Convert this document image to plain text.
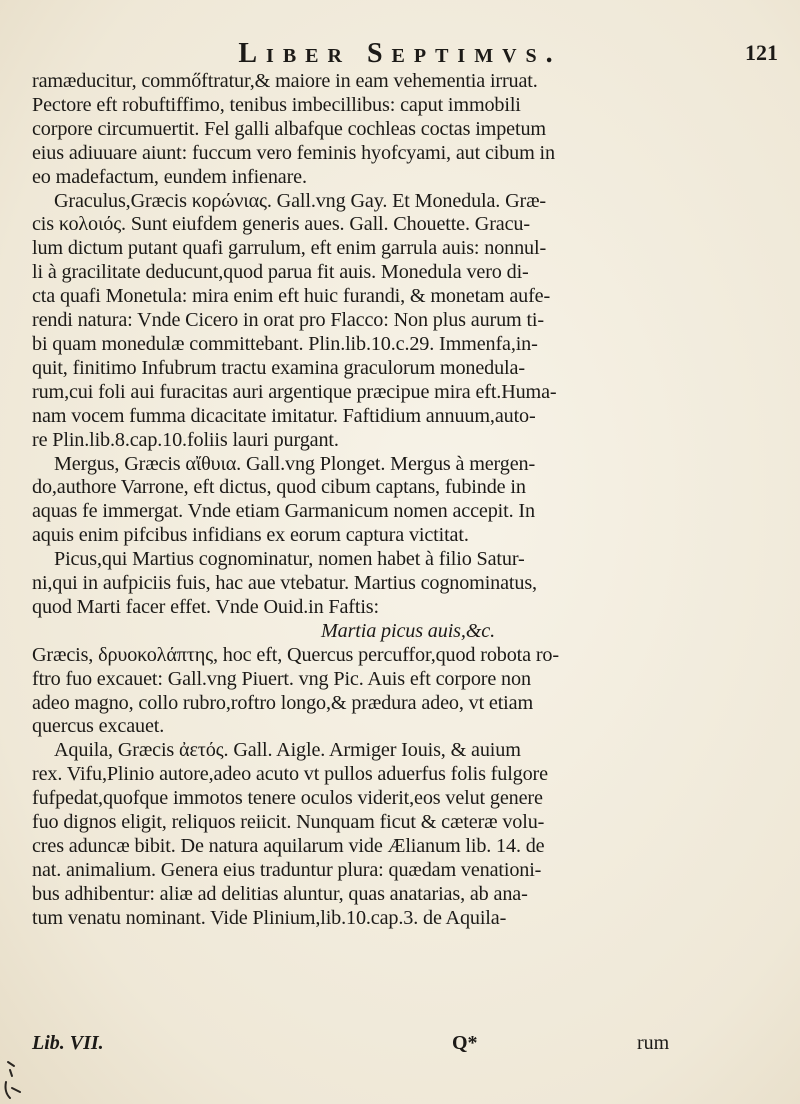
Liber Septimvs.	121
ramæducitur, commőftratur,& maiore in eam vehementia irruat.
Pectore eft robuftiffimo, tenibus imbecillibus: caput immobili
corpore circumuertit. Fel galli albafque cochleas coctas impetum
eius adiuuare aiunt: fuccum vero feminis hyofcyami, aut cibum in
eo madefactum, eundem infienare.
Graculus,Græcis κορώνιας. Gall.vng Gay. Et Monedula. Græ-
cis κολοιός. Sunt eiufdem generis aues. Gall. Chouette. Gracu-
lum dictum putant quafi garrulum, eft enim garrula auis: nonnul-
li à gracilitate deducunt,quod parua fit auis. Monedula vero di-
cta quafi Monetula: mira enim eft huic furandi, & monetam aufe-
rendi natura: Vnde Cicero in orat pro Flacco: Non plus aurum ti-
bi quam monedulæ committebant. Plin.lib.10.c.29. Immenfa,in-
quit, finitimo Infubrum tractu examina graculorum monedula-
rum,cui foli aui furacitas auri argentique præcipue mira eft.Huma-
nam vocem fumma dicacitate imitatur. Faftidium annuum,auto-
re Plin.lib.8.cap.10.foliis lauri purgant.
Mergus, Græcis αἴθυια. Gall.vng Plonget. Mergus à mergen-
do,authore Varrone, eft dictus, quod cibum captans, fubinde in
aquas fe immergat. Vnde etiam Garmanicum nomen accepit. In
aquis enim pifcibus infidians ex eorum captura victitat.
Picus,qui Martius cognominatur, nomen habet à filio Satur-
ni,qui in aufpiciis fuis, hac aue vtebatur. Martius cognominatus,
quod Marti facer effet. Vnde Ouid.in Faftis:
Martia picus auis,&c.
Græcis, δρυοκολάπτης, hoc eft, Quercus percuffor,quod robota ro-
ftro fuo excauet: Gall.vng Piuert. vng Pic. Auis eft corpore non
adeo magno, collo rubro,roftro longo,& prædura adeo, vt etiam
quercus excauet.
Aquila, Græcis ἀετός. Gall. Aigle. Armiger Iouis, & auium
rex. Vifu,Plinio autore,adeo acuto vt pullos aduerfus folis fulgore
fufpedat,quofque immotos tenere oculos viderit,eos velut genere
fuo dignos eligit, reliquos reiicit. Nunquam ficut & cæteræ volu-
cres aduncæ bibit. De natura aquilarum vide Ælianum lib. 14. de
nat. animalium. Genera eius traduntur plura: quædam venationi-
bus adhibentur: aliæ ad delitias aluntur, quas anatarias, ab ana-
tum venatu nominant. Vide Plinium,lib.10.cap.3. de Aquila-
Lib. VII.	Q*	rum
